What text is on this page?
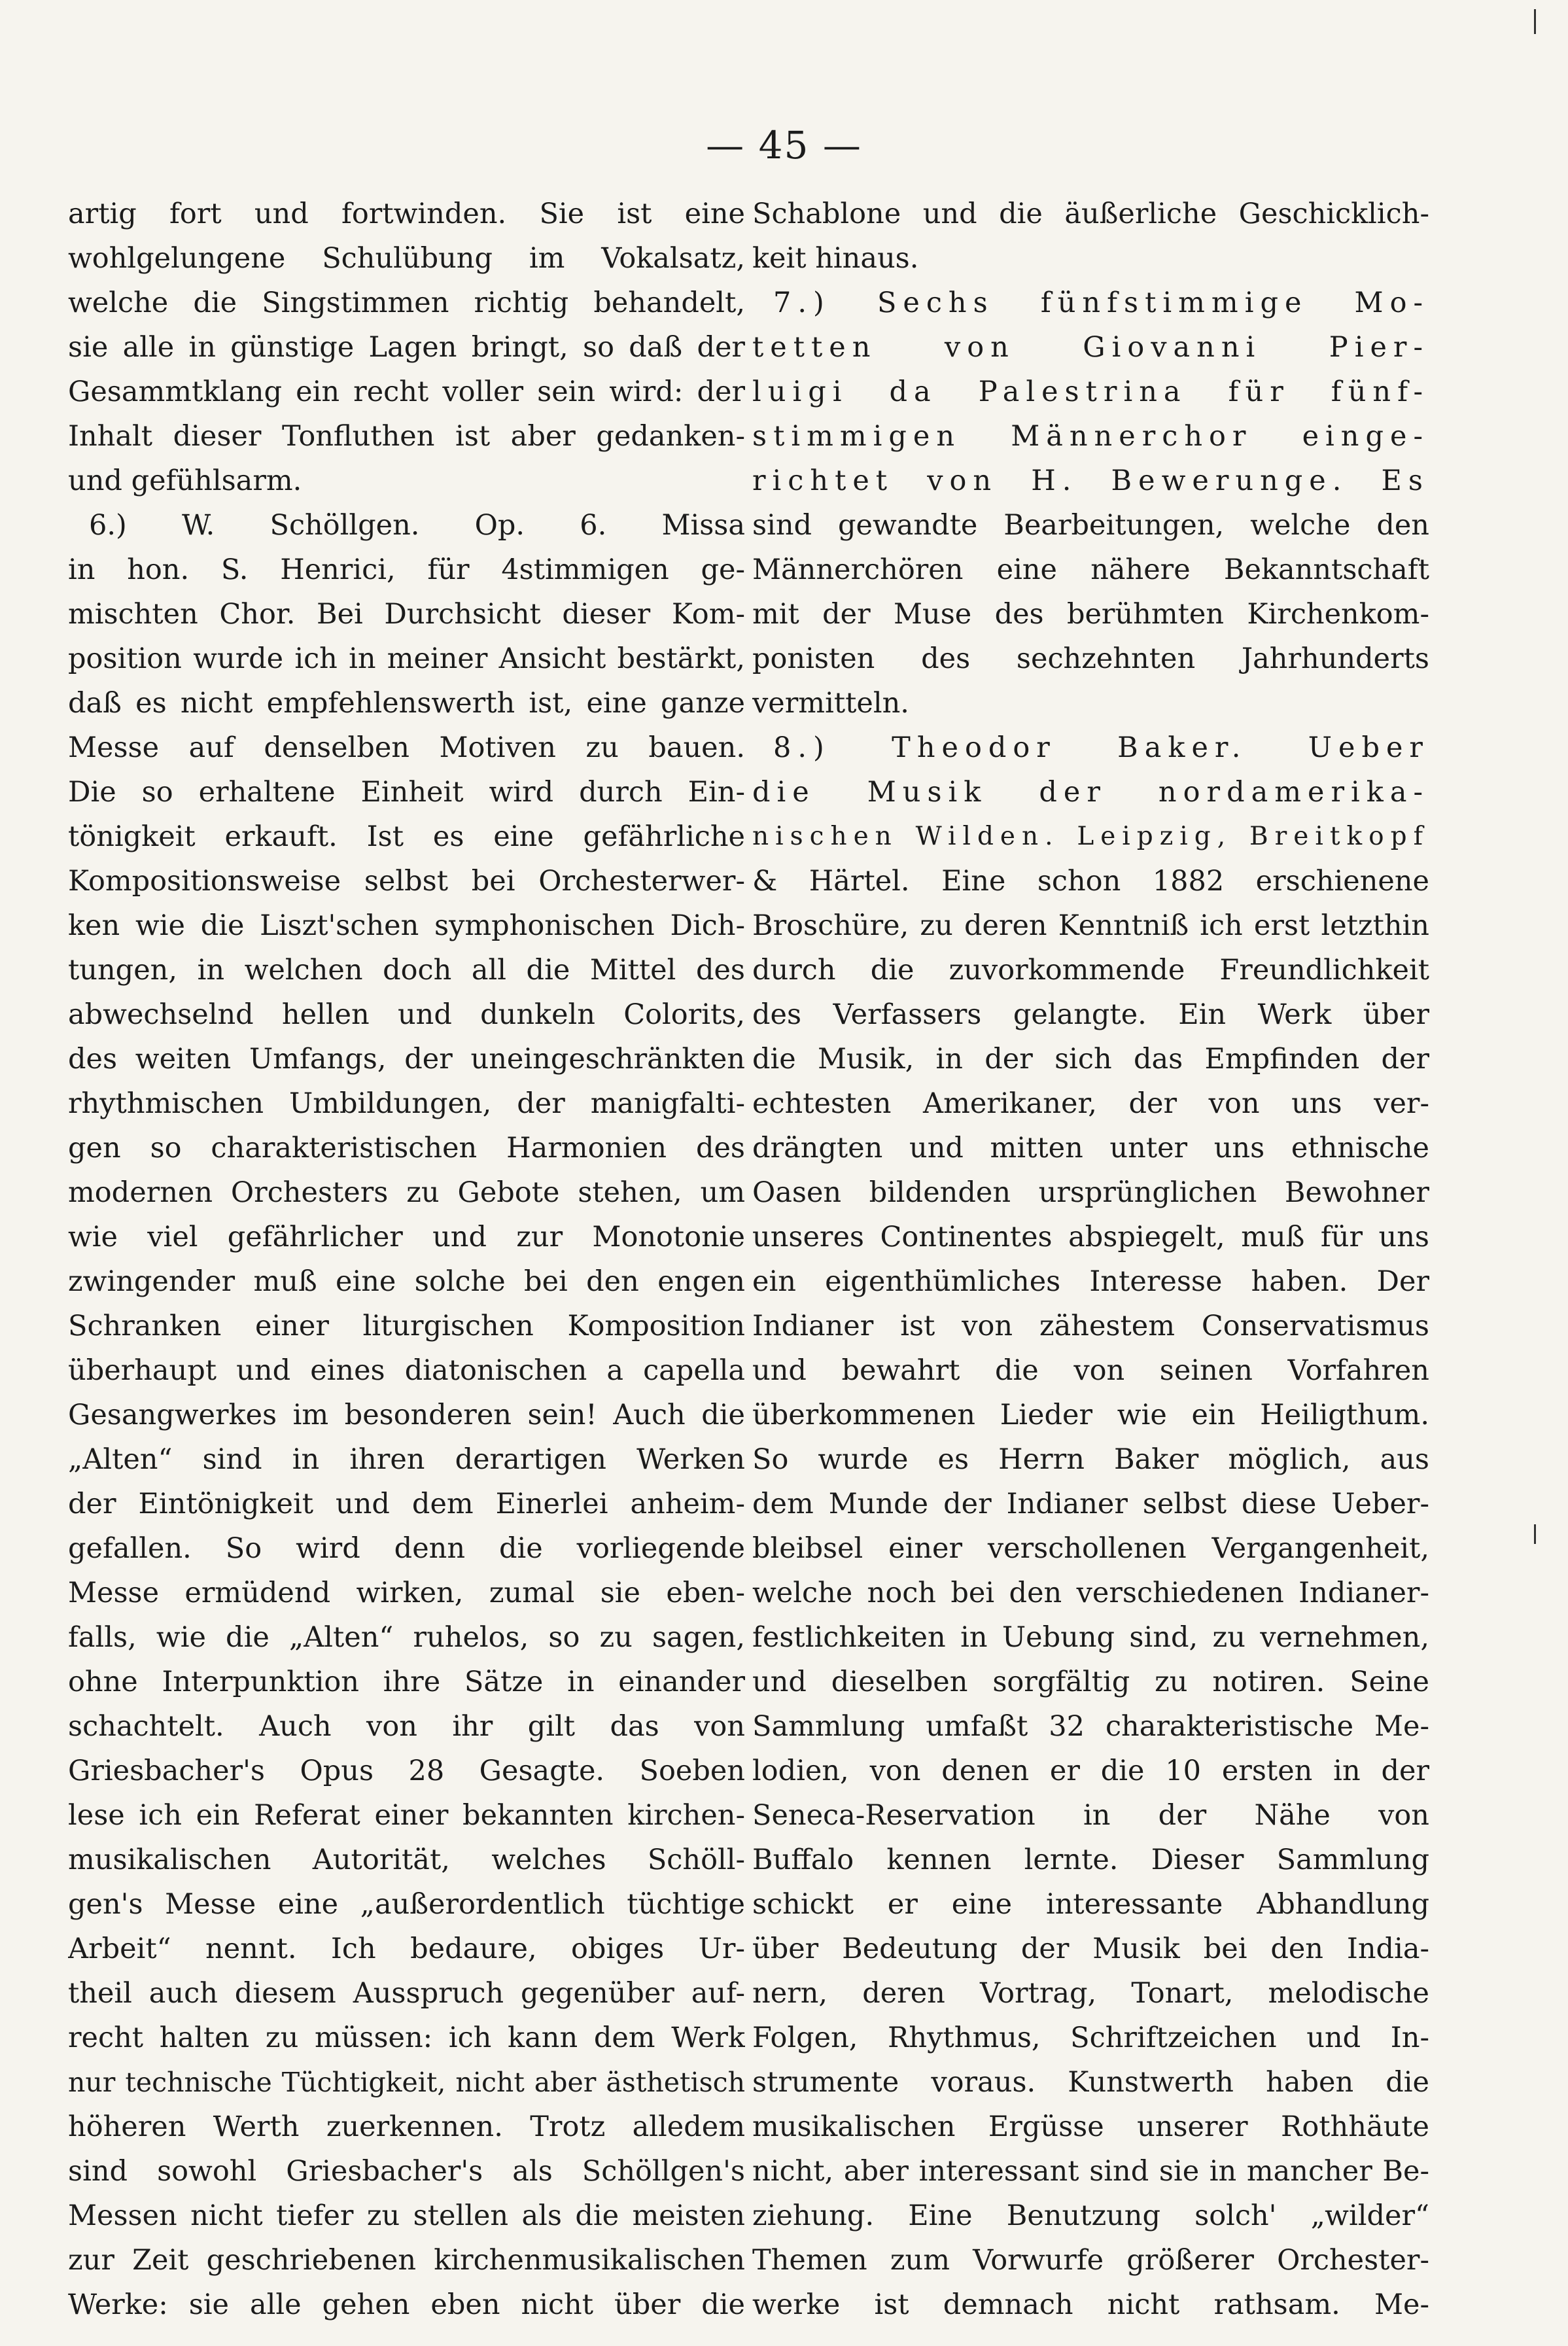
— 45 —
artig fort und fortwinden. Sie ist eine
wohlgelungene Schulübung im Vokalsatz,
welche die Singstimmen richtig behandelt,
sie alle in günstige Lagen bringt, so daß der
Gesammtklang ein recht voller sein wird: der
Inhalt dieser Tonfluthen ist aber gedanken-
und gefühlsarm.
6.) W. Schöllgen. Op. 6. Missa
in hon. S. Henrici, für 4stimmigen ge-
mischten Chor. Bei Durchsicht dieser Kom-
position wurde ich in meiner Ansicht bestärkt,
daß es nicht empfehlenswerth ist, eine ganze
Messe auf denselben Motiven zu bauen.
Die so erhaltene Einheit wird durch Ein-
tönigkeit erkauft. Ist es eine gefährliche
Kompositionsweise selbst bei Orchesterwer-
ken wie die Liszt'schen symphonischen Dich-
tungen, in welchen doch all die Mittel des
abwechselnd hellen und dunkeln Colorits,
des weiten Umfangs, der uneingeschränkten
rhythmischen Umbildungen, der manigfalti-
gen so charakteristischen Harmonien des
modernen Orchesters zu Gebote stehen, um
wie viel gefährlicher und zur Monotonie
zwingender muß eine solche bei den engen
Schranken einer liturgischen Komposition
überhaupt und eines diatonischen a capella
Gesangwerkes im besonderen sein! Auch die
„Alten“ sind in ihren derartigen Werken
der Eintönigkeit und dem Einerlei anheim-
gefallen. So wird denn die vorliegende
Messe ermüdend wirken, zumal sie eben-
falls, wie die „Alten“ ruhelos, so zu sagen,
ohne Interpunktion ihre Sätze in einander
schachtelt. Auch von ihr gilt das von
Griesbacher's Opus 28 Gesagte. Soeben
lese ich ein Referat einer bekannten kirchen-
musikalischen Autorität, welches Schöll-
gen's Messe eine „außerordentlich tüchtige
Arbeit“ nennt. Ich bedaure, obiges Ur-
theil auch diesem Ausspruch gegenüber auf-
recht halten zu müssen: ich kann dem Werk
nur technische Tüchtigkeit, nicht aber ästhetisch
höheren Werth zuerkennen. Trotz alledem
sind sowohl Griesbacher's als Schöllgen's
Messen nicht tiefer zu stellen als die meisten
zur Zeit geschriebenen kirchenmusikalischen
Werke: sie alle gehen eben nicht über die
Schablone und die äußerliche Geschicklich-
keit hinaus.
7.) Sechs fünfstimmige Mo-
tetten von Giovanni Pier-
luigi da Palestrina für fünf-
stimmigen Männerchor einge-
richtet von H. Bewerunge. Es
sind gewandte Bearbeitungen, welche den
Männerchören eine nähere Bekanntschaft
mit der Muse des berühmten Kirchenkom-
ponisten des sechzehnten Jahrhunderts
vermitteln.
8.) Theodor Baker. Ueber
die Musik der nordamerika-
nischen Wilden. Leipzig, Breitkopf
& Härtel. Eine schon 1882 erschienene
Broschüre, zu deren Kenntniß ich erst letzthin
durch die zuvorkommende Freundlichkeit
des Verfassers gelangte. Ein Werk über
die Musik, in der sich das Empfinden der
echtesten Amerikaner, der von uns ver-
drängten und mitten unter uns ethnische
Oasen bildenden ursprünglichen Bewohner
unseres Continentes abspiegelt, muß für uns
ein eigenthümliches Interesse haben. Der
Indianer ist von zähestem Conservatismus
und bewahrt die von seinen Vorfahren
überkommenen Lieder wie ein Heiligthum.
So wurde es Herrn Baker möglich, aus
dem Munde der Indianer selbst diese Ueber-
bleibsel einer verschollenen Vergangenheit,
welche noch bei den verschiedenen Indianer-
festlichkeiten in Uebung sind, zu vernehmen,
und dieselben sorgfältig zu notiren. Seine
Sammlung umfaßt 32 charakteristische Me-
lodien, von denen er die 10 ersten in der
Seneca-Reservation in der Nähe von
Buffalo kennen lernte. Dieser Sammlung
schickt er eine interessante Abhandlung
über Bedeutung der Musik bei den India-
nern, deren Vortrag, Tonart, melodische
Folgen, Rhythmus, Schriftzeichen und In-
strumente voraus. Kunstwerth haben die
musikalischen Ergüsse unserer Rothhäute
nicht, aber interessant sind sie in mancher Be-
ziehung. Eine Benutzung solch' „wilder“
Themen zum Vorwurfe größerer Orchester-
werke ist demnach nicht rathsam. Me-
